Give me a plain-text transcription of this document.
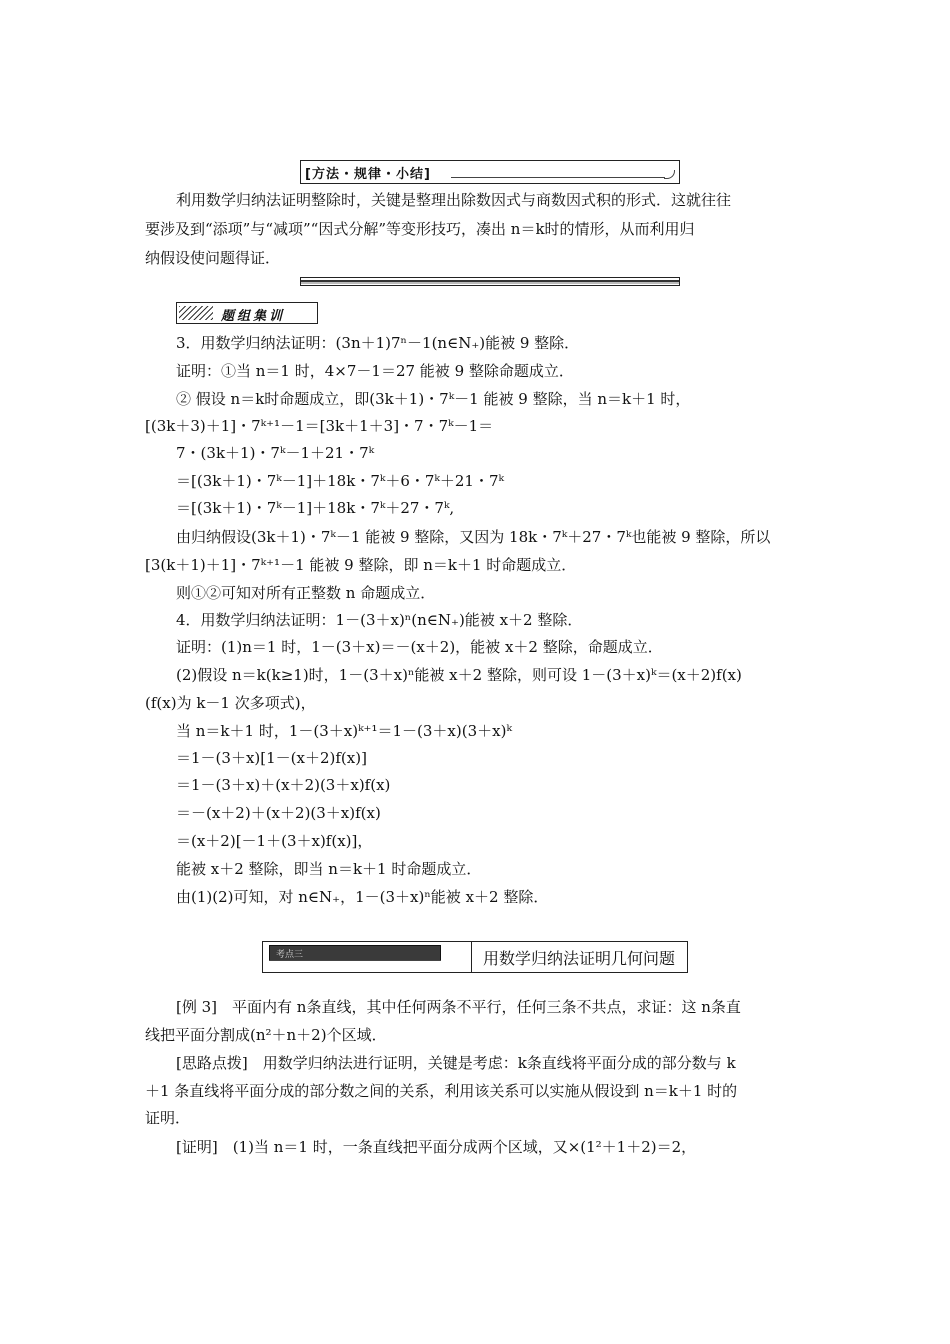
[方法・规律・小结]
利用数学归纳法证明整除时，关键是整理出除数因式与商数因式积的形式．这就往往
要涉及到“添项”与“减项”“因式分解”等变形技巧，凑出 n＝k时的情形，从而利用归
纳假设使问题得证．
题组集训
3．用数学归纳法证明：(3n＋1)7ⁿ－1(n∈N₊)能被 9 整除．
证明：①当 n＝1 时，4×7－1＝27 能被 9 整除命题成立．
② 假设 n＝k时命题成立，即(3k＋1)・7ᵏ－1 能被 9 整除，当 n＝k＋1 时，
[(3k＋3)＋1]・7ᵏ⁺¹－1＝[3k＋1＋3]・7・7ᵏ－1＝
7・(3k＋1)・7ᵏ－1＋21・7ᵏ
＝[(3k＋1)・7ᵏ－1]＋18k・7ᵏ＋6・7ᵏ＋21・7ᵏ
＝[(3k＋1)・7ᵏ－1]＋18k・7ᵏ＋27・7ᵏ,
由归纳假设(3k＋1)・7ᵏ－1 能被 9 整除，又因为 18k・7ᵏ＋27・7ᵏ也能被 9 整除，所以
[3(k＋1)＋1]・7ᵏ⁺¹－1 能被 9 整除，即 n＝k＋1 时命题成立．
则①②可知对所有正整数 n 命题成立．
4．用数学归纳法证明：1－(3＋x)ⁿ(n∈N₊)能被 x＋2 整除．
证明：(1)n＝1 时，1－(3＋x)＝－(x＋2)，能被 x＋2 整除，命题成立．
(2)假设 n＝k(k≥1)时，1－(3＋x)ⁿ能被 x＋2 整除，则可设 1－(3＋x)ᵏ＝(x＋2)f(x)
(f(x)为 k－1 次多项式)，
当 n＝k＋1 时，1－(3＋x)ᵏ⁺¹＝1－(3＋x)(3＋x)ᵏ
＝1－(3＋x)[1－(x＋2)f(x)]
＝1－(3＋x)＋(x＋2)(3＋x)f(x)
＝－(x＋2)＋(x＋2)(3＋x)f(x)
＝(x＋2)[－1＋(3＋x)f(x)]，
能被 x＋2 整除，即当 n＝k＋1 时命题成立．
由(1)(2)可知，对 n∈N₊，1－(3＋x)ⁿ能被 x＋2 整除．
考点三	用数学归纳法证明几何问题
[例 3]　平面内有 n条直线，其中任何两条不平行，任何三条不共点，求证：这 n条直
线把平面分割成(n²＋n＋2)个区域．
[思路点拨]　用数学归纳法进行证明，关键是考虑：k条直线将平面分成的部分数与 k
＋1 条直线将平面分成的部分数之间的关系，利用该关系可以实施从假设到 n＝k＋1 时的
证明．
[证明]　(1)当 n＝1 时，一条直线把平面分成两个区域，又×(1²＋1＋2)＝2，
